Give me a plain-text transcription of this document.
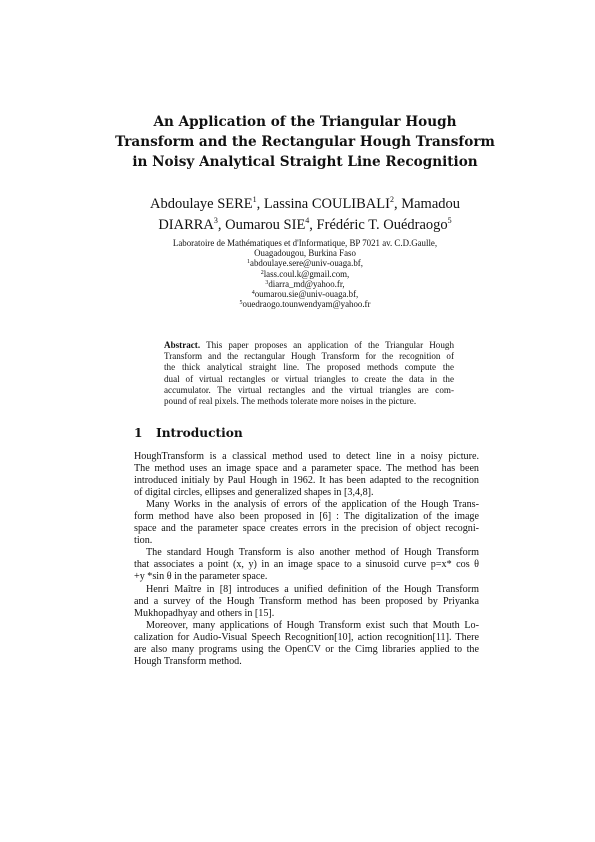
An Application of the Triangular Hough
Transform and the Rectangular Hough Transform
in Noisy Analytical Straight Line Recognition
Abdoulaye SERE$^1$, Lassina COULIBALI$^2$, Mamadou
DIARRA$^3$, Oumarou SIE$^4$, Frédéric T. Ouédraogo$^5$
Laboratoire de Mathématiques et d'Informatique, BP 7021 av. C.D.Gaulle,
Ouagadougou, Burkina Faso
$^1$abdoulaye.sere@univ-ouaga.bf,
$^2$lass.coul.k@gmail.com,
$^3$diarra_md@yahoo.fr,
$^4$oumarou.sie@univ-ouaga.bf,
$^5$ouedraogo.tounwendyam@yahoo.fr
Abstract. This paper proposes an application of the Triangular Hough
Transform and the rectangular Hough Transform for the recognition of
the thick analytical straight line. The proposed methods compute the
dual of virtual rectangles or virtual triangles to create the data in the
accumulator. The virtual rectangles and the virtual triangles are com-
pound of real pixels. The methods tolerate more noises in the picture.
1 Introduction
HoughTransform is a classical method used to detect line in a noisy picture.
The method uses an image space and a parameter space. The method has been
introduced initialy by Paul Hough in 1962. It has been adapted to the recognition
of digital circles, ellipses and generalized shapes in [3,4,8].
Many Works in the analysis of errors of the application of the Hough Trans-
form method have also been proposed in [6] : The digitalization of the image
space and the parameter space creates errors in the precision of object recogni-
tion.
The standard Hough Transform is also another method of Hough Transform
that associates a point (x, y) in an image space to a sinusoid curve p=x* cos θ
+y *sin θ in the parameter space.
Henri Maître in [8] introduces a unified definition of the Hough Transform
and a survey of the Hough Transform method has been proposed by Priyanka
Mukhopadhyay and others in [15].
Moreover, many applications of Hough Transform exist such that Mouth Lo-
calization for Audio-Visual Speech Recognition[10], action recognition[11]. There
are also many programs using the OpenCV or the Cimg libraries applied to the
Hough Transform method.
